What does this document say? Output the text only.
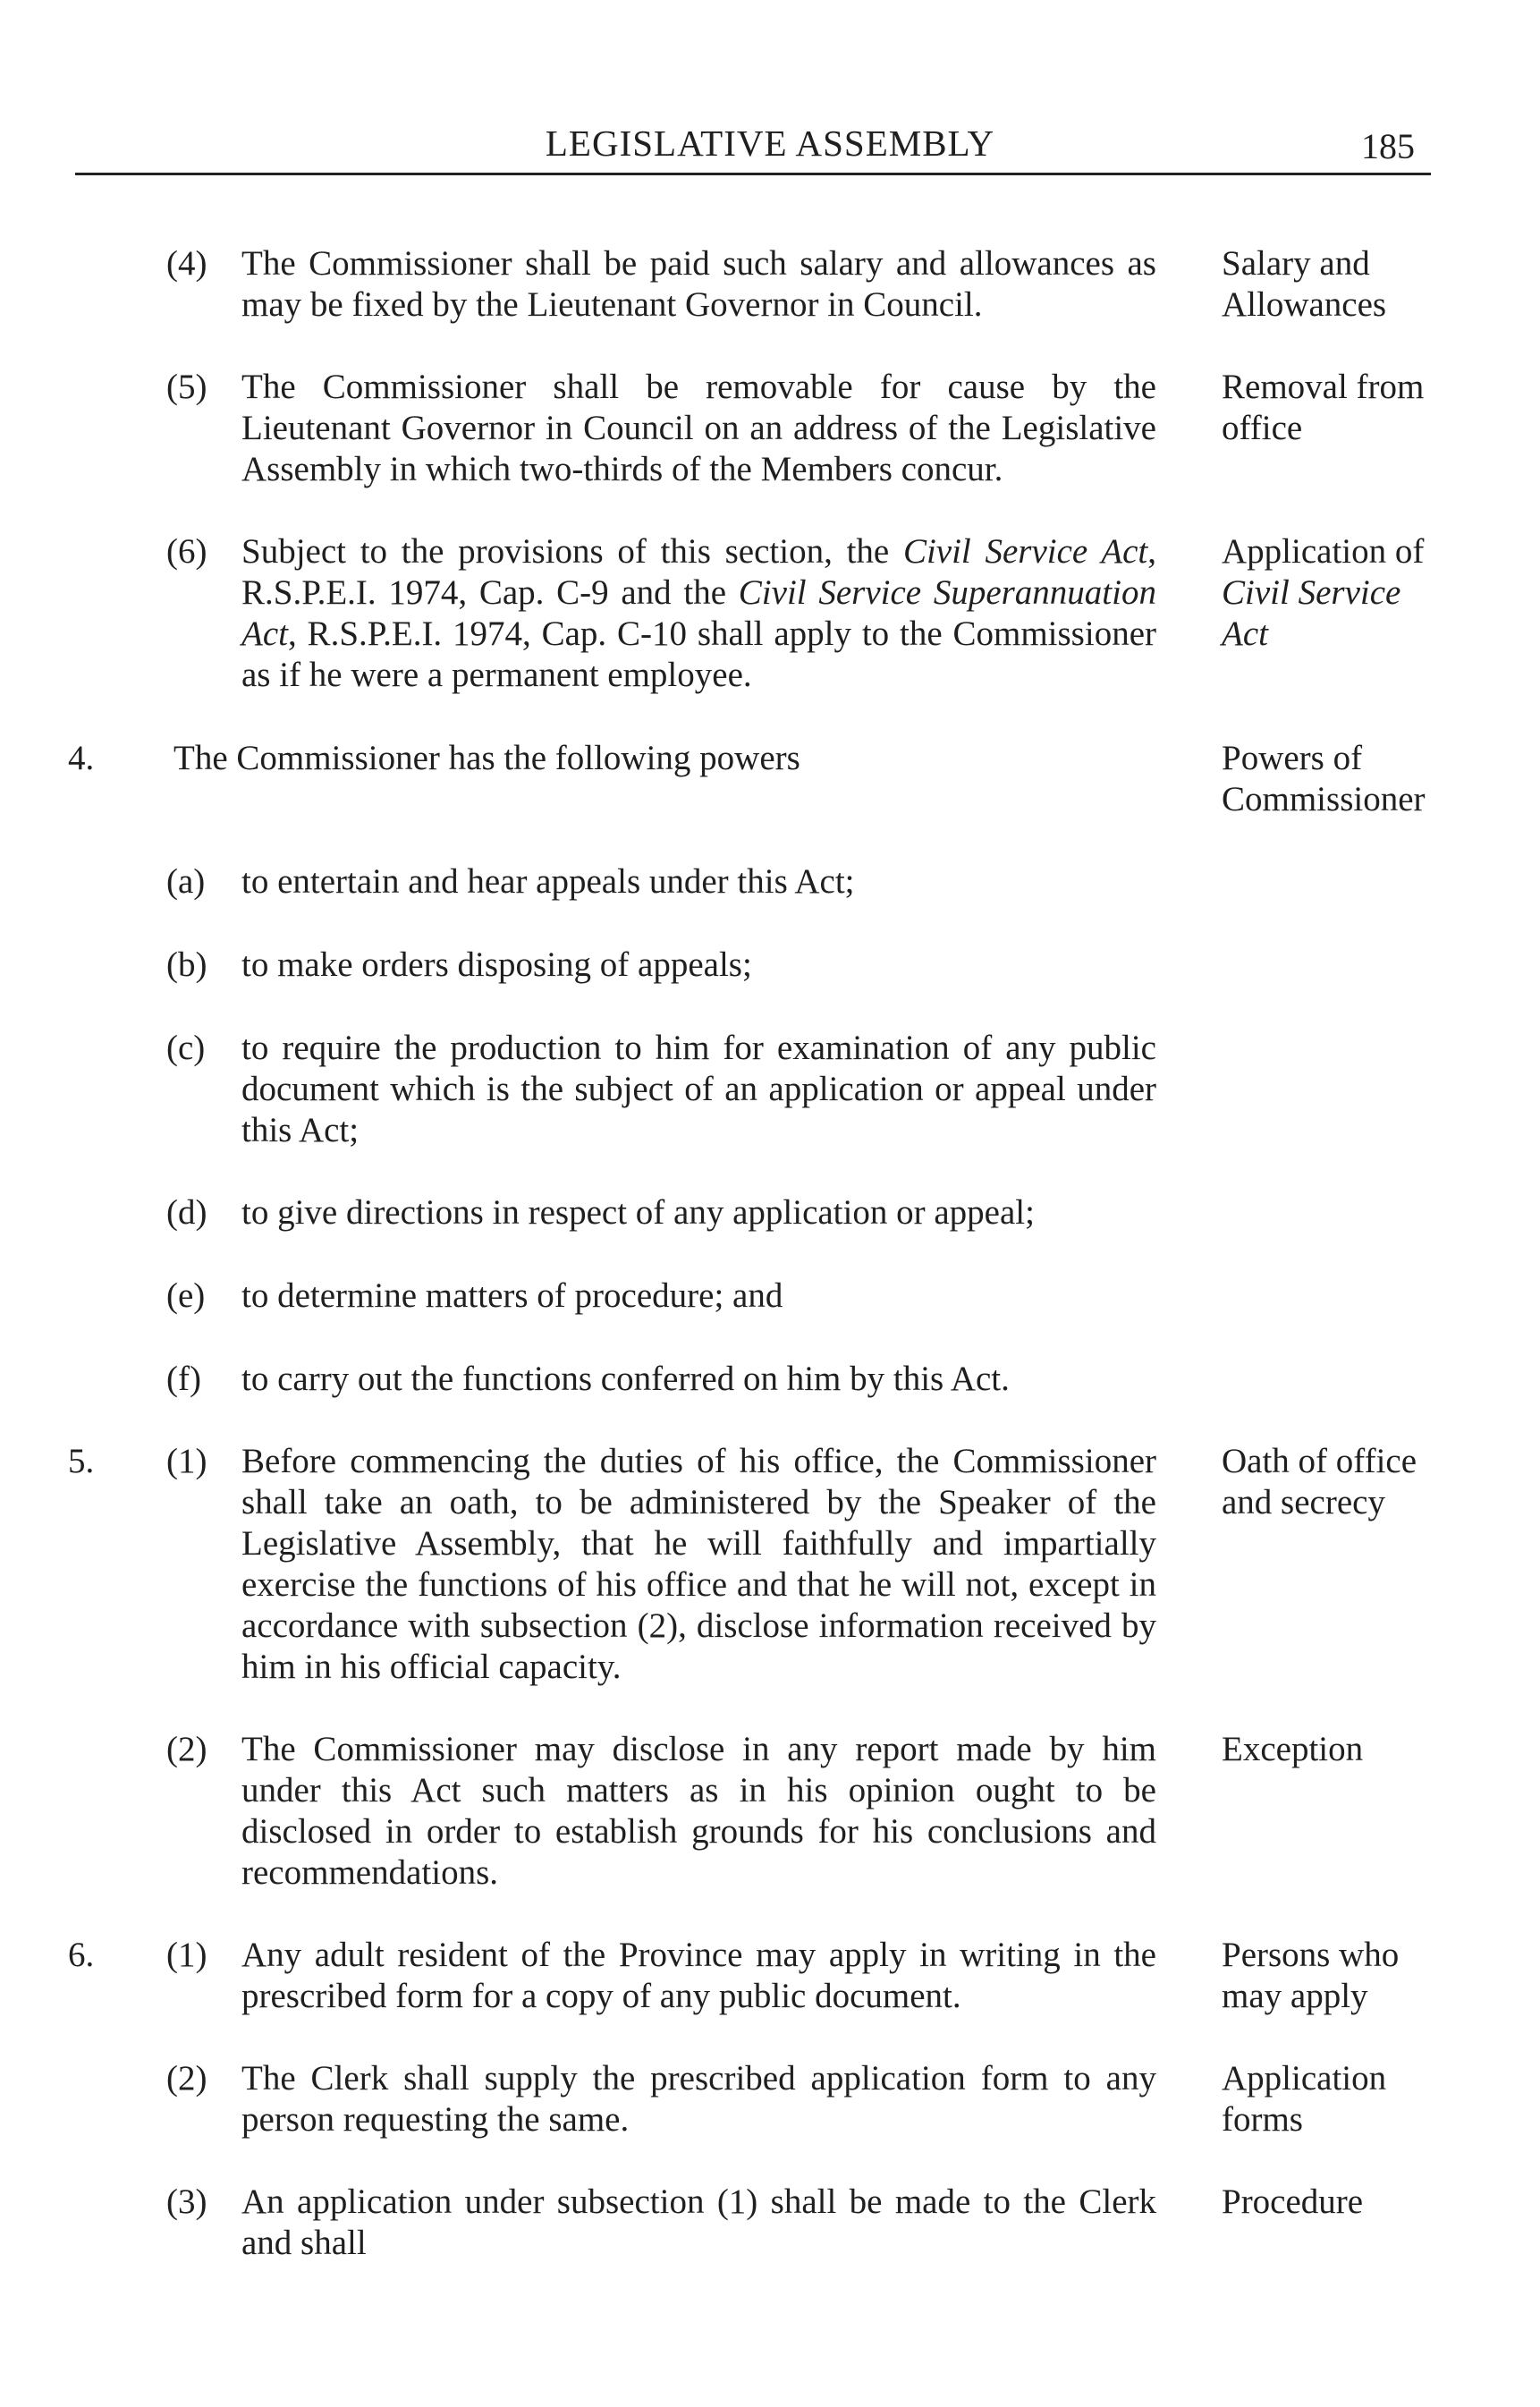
LEGISLATIVE ASSEMBLY	185
(4) The Commissioner shall be paid such salary and allowances as may be fixed by the Lieutenant Governor in Council.

Salary and
Allowances
(5) The Commissioner shall be removable for cause by the Lieutenant Governor in Council on an address of the Legislative Assembly in which two-thirds of the Members concur.

Removal from
office
(6) Subject to the provisions of this section, the Civil Service Act, R.S.P.E.I. 1974, Cap. C-9 and the Civil Service Superannuation Act, R.S.P.E.I. 1974, Cap. C-10 shall apply to the Commissioner as if he were a permanent employee.

Application of
Civil Service
Act
4. The Commissioner has the following powers	Powers of
Commissioner
(a) to entertain and hear appeals under this Act;

(b) to make orders disposing of appeals;

(c) to require the production to him for examination of any public document which is the subject of an application or appeal under this Act;

(d) to give directions in respect of any application or appeal;

(e) to determine matters of procedure; and

(f) to carry out the functions conferred on him by this Act.

5. (1) Before commencing the duties of his office, the Commissioner shall take an oath, to be administered by the Speaker of the Legislative Assembly, that he will faithfully and impartially exercise the functions of his office and that he will not, except in accordance with subsection (2), disclose information received by him in his official capacity.

Oath of office
and secrecy
(2) The Commissioner may disclose in any report made by him under this Act such matters as in his opinion ought to be disclosed in order to establish grounds for his conclusions and recommendations.

Exception
6. (1) Any adult resident of the Province may apply in writing in the prescribed form for a copy of any public document.

Persons who
may apply
(2) The Clerk shall supply the prescribed application form to any person requesting the same.

Application
forms
(3) An application under subsection (1) shall be made to the Clerk and shall

Procedure
